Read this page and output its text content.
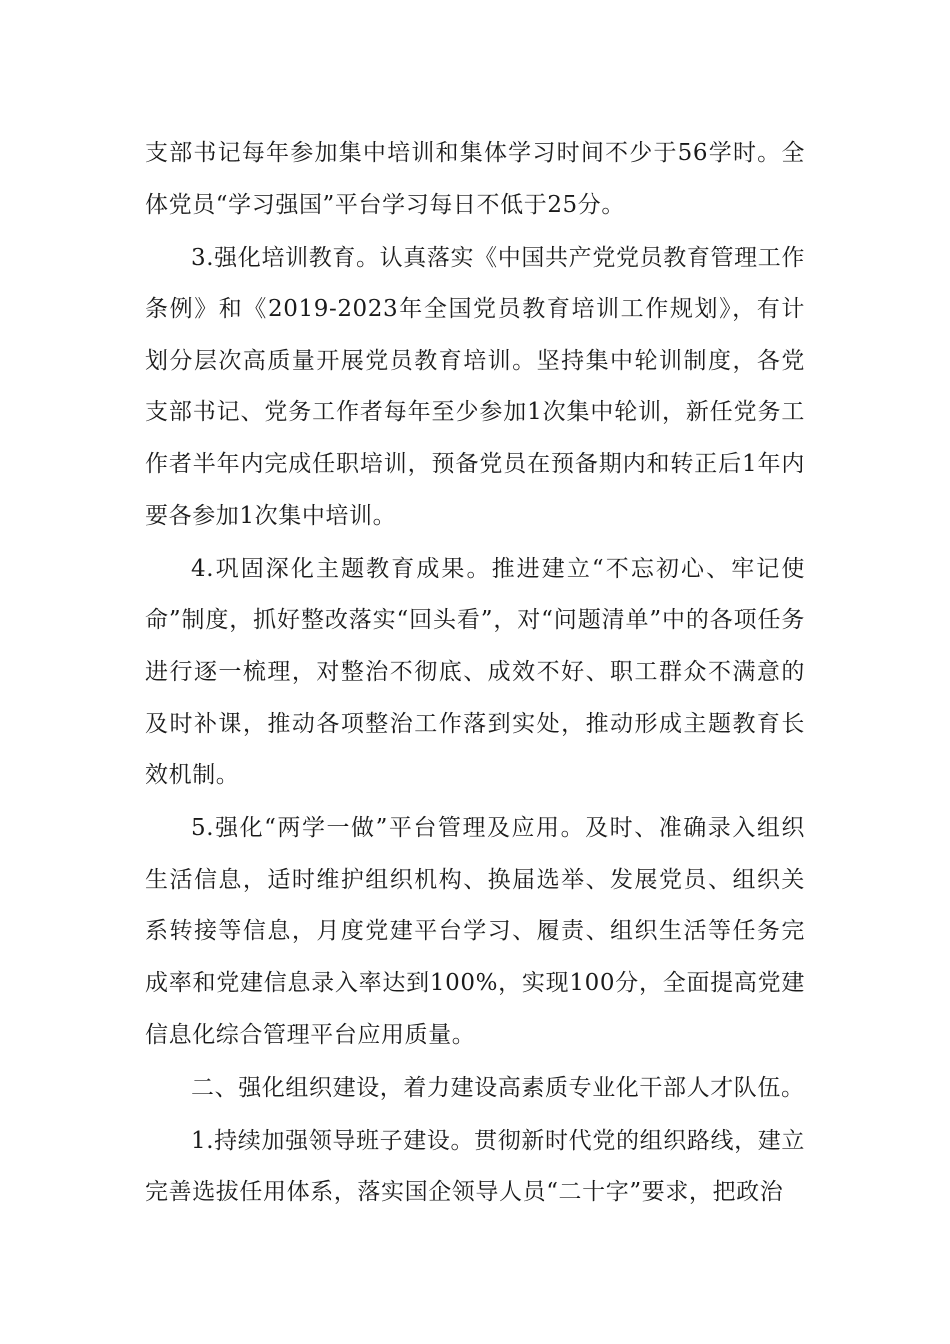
支部书记每年参加集中培训和集体学习时间不少于56学时。全体党员“学习强国”平台学习每日不低于25分。

3.强化培训教育。认真落实《中国共产党党员教育管理工作条例》和《2019-2023年全国党员教育培训工作规划》，有计划分层次高质量开展党员教育培训。坚持集中轮训制度，各党支部书记、党务工作者每年至少参加1次集中轮训，新任党务工作者半年内完成任职培训，预备党员在预备期内和转正后1年内要各参加1次集中培训。

4.巩固深化主题教育成果。推进建立“不忘初心、牢记使命”制度，抓好整改落实“回头看”，对“问题清单”中的各项任务进行逐一梳理，对整治不彻底、成效不好、职工群众不满意的及时补课，推动各项整治工作落到实处，推动形成主题教育长效机制。

5.强化“两学一做”平台管理及应用。及时、准确录入组织生活信息，适时维护组织机构、换届选举、发展党员、组织关系转接等信息，月度党建平台学习、履责、组织生活等任务完成率和党建信息录入率达到100%，实现100分，全面提高党建信息化综合管理平台应用质量。

二、强化组织建设，着力建设高素质专业化干部人才队伍。

1.持续加强领导班子建设。贯彻新时代党的组织路线，建立完善选拔任用体系，落实国企领导人员“二十字”要求，把政治
